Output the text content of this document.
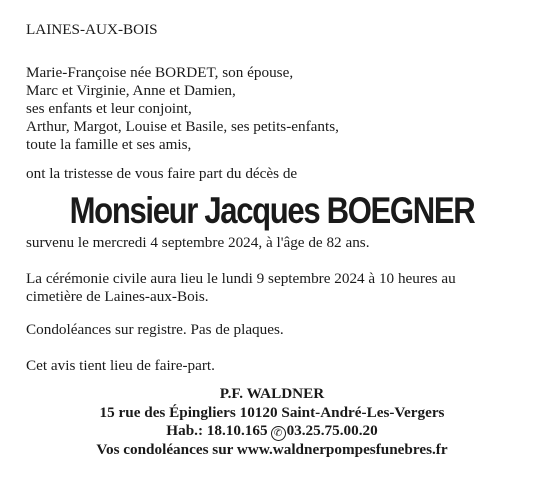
LAINES-AUX-BOIS

Marie-Françoise née BORDET, son épouse,
Marc et Virginie, Anne et Damien,
ses enfants et leur conjoint,
Arthur, Margot, Louise et Basile, ses petits-enfants,
toute la famille et ses amis,

ont la tristesse de vous faire part du décès de

Monsieur Jacques BOEGNER

survenu le mercredi 4 septembre 2024, à l'âge de 82 ans.

La cérémonie civile aura lieu le lundi 9 septembre 2024 à 10 heures au
cimetière de Laines-aux-Bois.

Condoléances sur registre. Pas de plaques.

Cet avis tient lieu de faire-part.

P.F. WALDNER
15 rue des Épingliers 10120 Saint-André-Les-Vergers
Hab.: 18.10.165 ✆ 03.25.75.00.20
Vos condoléances sur www.waldnerpompesfunebres.fr
